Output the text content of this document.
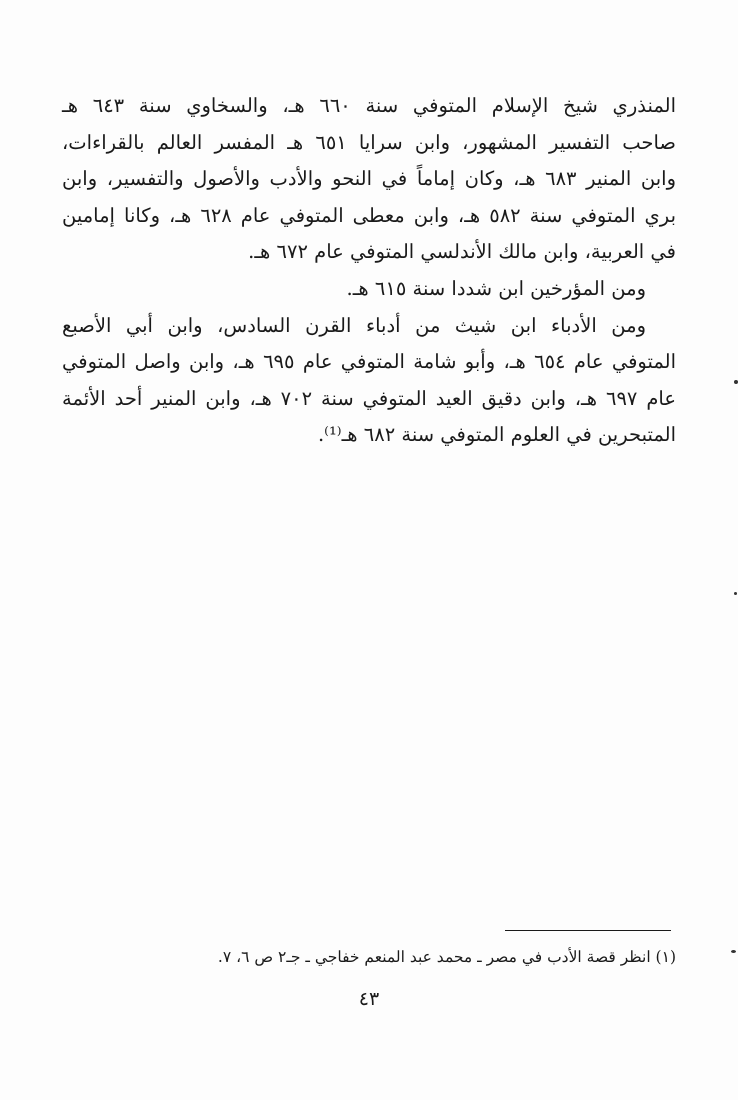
المنذري شيخ الإسلام المتوفي سنة ٦٦٠ هـ، والسخاوي سنة ٦٤٣ هـ
صاحب التفسير المشهور، وابن سرايا ٦٥١ هـ المفسر العالم بالقراءات،
وابن المنير ٦٨٣ هـ، وكان إماماً في النحو والأدب والأصول والتفسير، وابن
بري المتوفي سنة ٥٨٢ هـ، وابن معطى المتوفي عام ٦٢٨ هـ، وكانا إمامين
في العربية، وابن مالك الأندلسي المتوفي عام ٦٧٢ هـ.
ومن المؤرخين ابن شددا سنة ٦١٥ هـ.
ومن الأدباء ابن شيث من أدباء القرن السادس، وابن أبي الأصبع
المتوفي عام ٦٥٤ هـ، وأبو شامة المتوفي عام ٦٩٥ هـ، وابن واصل المتوفي
عام ٦٩٧ هـ، وابن دقيق العيد المتوفي سنة ٧٠٢ هـ، وابن المنير أحد الأئمة
المتبحرين في العلوم المتوفي سنة ٦٨٢ هـ⁽¹⁾.
(١) انظر قصة الأدب في مصر ـ محمد عبد المنعم خفاجي ـ جـ٢ ص ٦، ٧.
٤٣
